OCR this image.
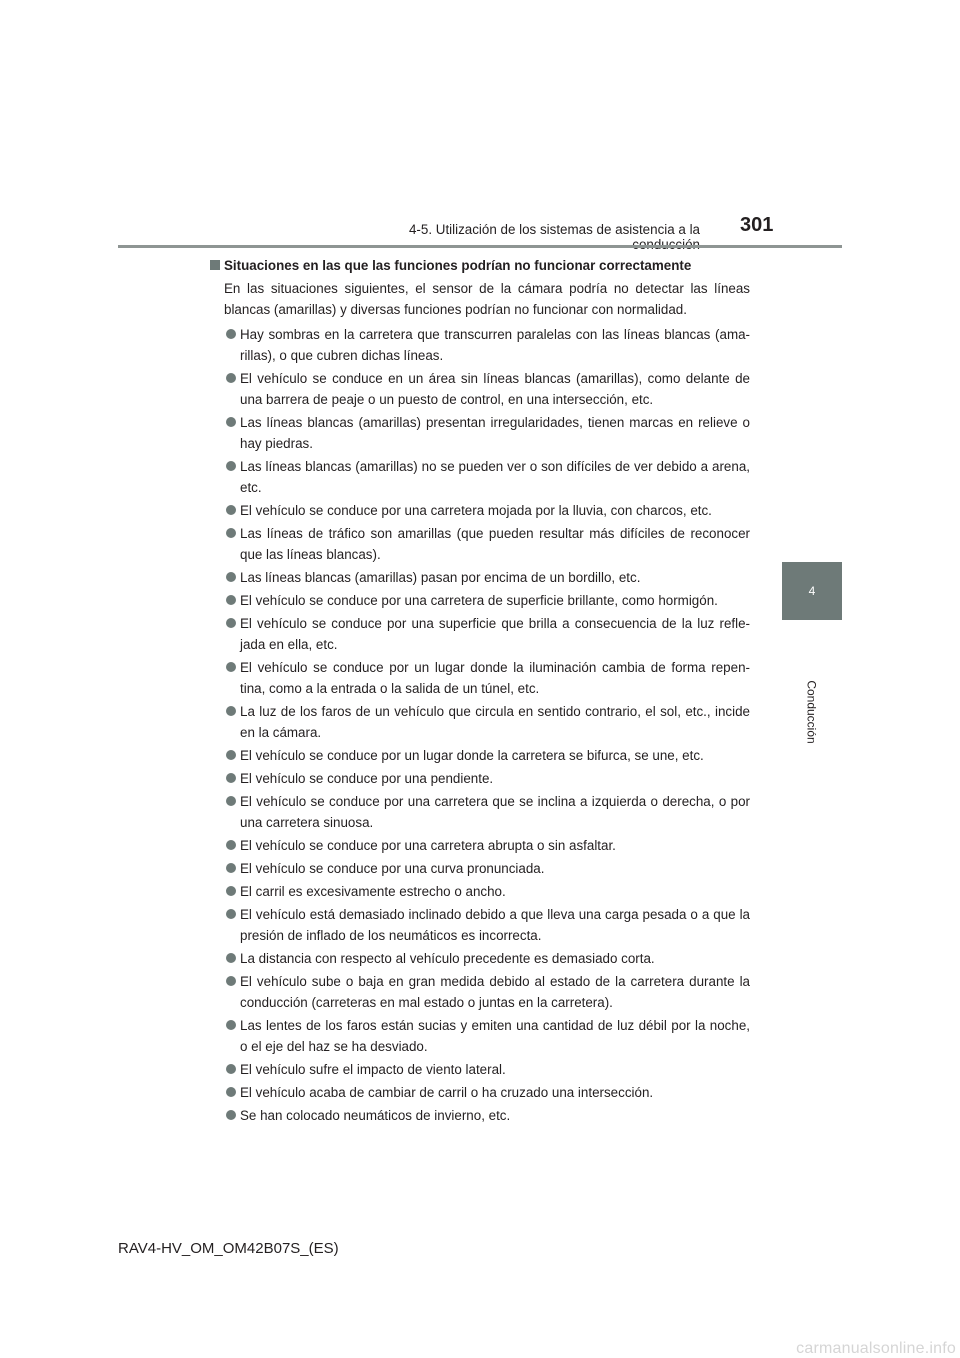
4-5. Utilización de los sistemas de asistencia a la 301
4
Conducción
Situaciones en las que las funciones podrían no funcionar correctamente

En las situaciones siguientes, el sensor de la cámara podría no detectar las líneas blancas (amarillas) y diversas funciones podrían no funcionar con normalidad.

Hay sombras en la carretera que transcurren paralelas con las líneas blancas (ama- rillas), o que cubren dichas líneas.
El vehículo se conduce en un área sin líneas blancas (amarillas), como delante de una barrera de peaje o un puesto de control, en una intersección, etc.
Las líneas blancas (amarillas) presentan irregularidades, tienen marcas en relieve o hay piedras.
Las líneas blancas (amarillas) no se pueden ver o son difíciles de ver debido a arena, etc.
El vehículo se conduce por una carretera mojada por la lluvia, con charcos, etc.
Las líneas de tráfico son amarillas (que pueden resultar más difíciles de reconocer que las líneas blancas).
Las líneas blancas (amarillas) pasan por encima de un bordillo, etc.
El vehículo se conduce por una carretera de superficie brillante, como hormigón.
El vehículo se conduce por una superficie que brilla a consecuencia de la luz refle- jada en ella, etc.
El vehículo se conduce por un lugar donde la iluminación cambia de forma repen- tina, como a la entrada o la salida de un túnel, etc.
La luz de los faros de un vehículo que circula en sentido contrario, el sol, etc., incide en la cámara.
El vehículo se conduce por un lugar donde la carretera se bifurca, se une, etc.
El vehículo se conduce por una pendiente.
El vehículo se conduce por una carretera que se inclina a izquierda o derecha, o por una carretera sinuosa.
El vehículo se conduce por una carretera abrupta o sin asfaltar.
El vehículo se conduce por una curva pronunciada.
El carril es excesivamente estrecho o ancho.
El vehículo está demasiado inclinado debido a que lleva una carga pesada o a que la presión de inflado de los neumáticos es incorrecta.
La distancia con respecto al vehículo precedente es demasiado corta.
El vehículo sube o baja en gran medida debido al estado de la carretera durante la conducción (carreteras en mal estado o juntas en la carretera).
Las lentes de los faros están sucias y emiten una cantidad de luz débil por la noche, o el eje del haz se ha desviado.
El vehículo sufre el impacto de viento lateral.
El vehículo acaba de cambiar de carril o ha cruzado una intersección.
Se han colocado neumáticos de invierno, etc.
RAV4-HV_OM_OM42B07S_(ES)
carmanualsonline.info
